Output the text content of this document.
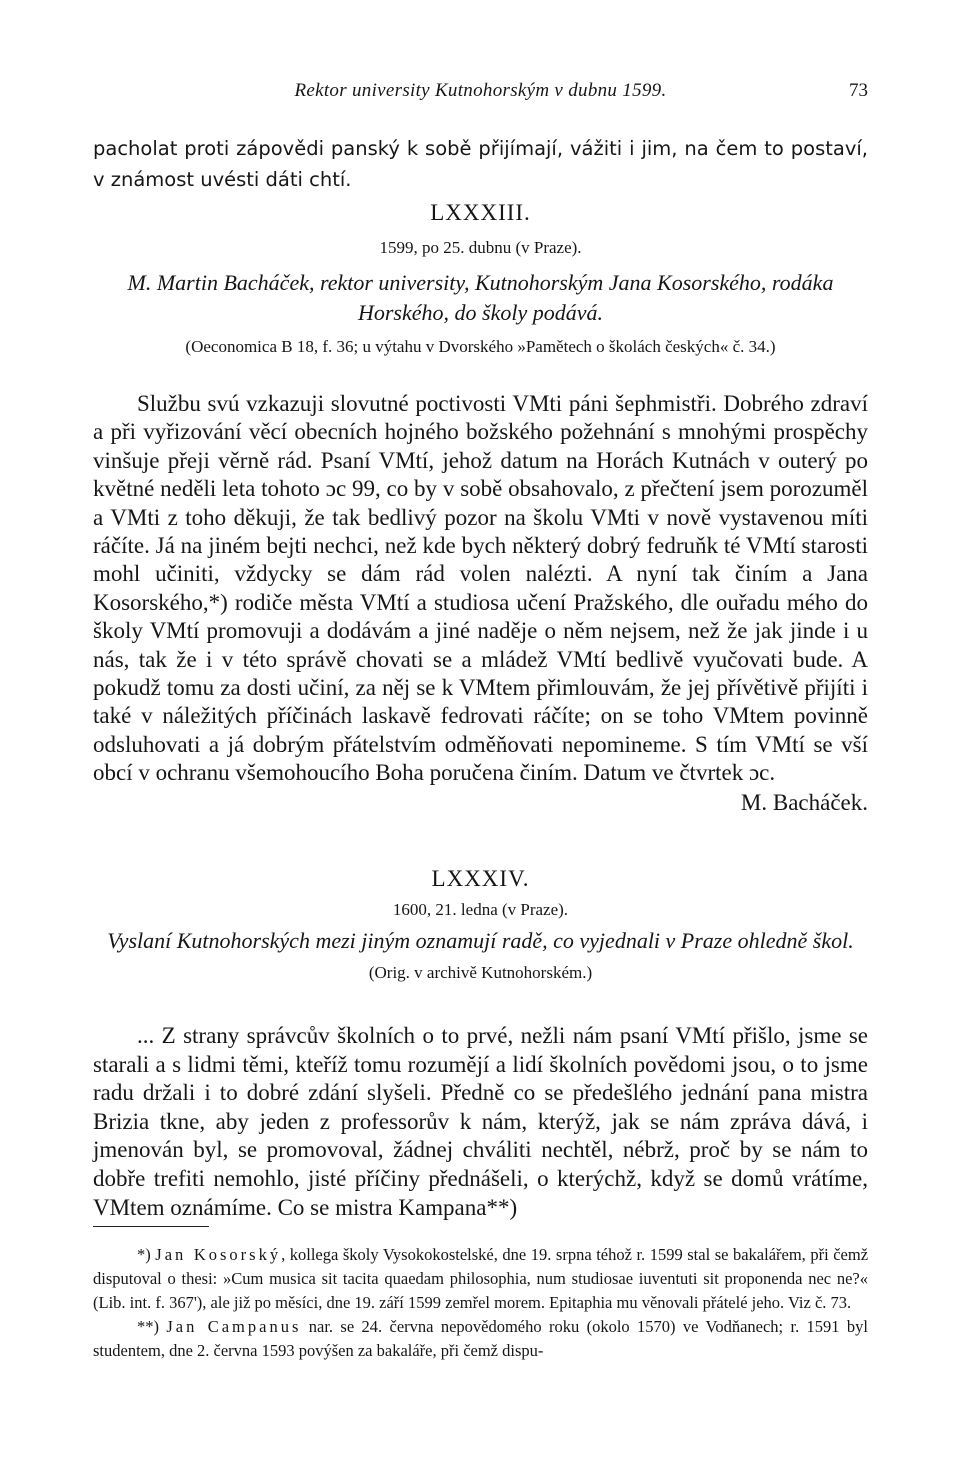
Rektor university Kutnohorským v dubnu 1599.	73

pacholat proti zápovědi panský k sobě přijímají, vážiti i jim, na čem to postaví, v známost uvésti dáti chtí.

LXXXIII.
1599, po 25. dubnu (v Praze).

M. Martin Bacháček, rektor university, Kutnohorským Jana Kosorského, rodáka Horského, do školy podává.

(Oeconomica B 18, f. 36; u výtahu v Dvorského »Pamětech o školách českých« č. 34.)

Službu svú vzkazuji slovutné poctivosti VMti páni šephmistři. Dobrého zdraví a při vyřizování věcí obecních hojného božského požehnání s mnohými prospěchy vinšuje přeji věrně rád. Psaní VMtí, jehož datum na Horách Kutnách v outerý po květné neděli leta tohoto ɔc 99, co by v sobě obsahovalo, z přečtení jsem porozuměl a VMti z toho děkuji, že tak bedlivý pozor na školu VMti v nově vystavenou míti ráčíte. Já na jiném bejti nechci, než kde bych některý dobrý fedruňk té VMtí starosti mohl učiniti, vždycky se dám rád volen nalézti. A nyní tak činím a Jana Kosorského,*) rodiče města VMtí a studiosa učení Pražského, dle ouřadu mého do školy VMtí promovuji a dodávám a jiné naděje o něm nejsem, než že jak jinde i u nás, tak že i v této správě chovati se a mládež VMtí bedlivě vyučovati bude. A pokudž tomu za dosti učiní, za něj se k VMtem přimlouvám, že jej přívětivě přijíti i také v náležitých příčinách laskavě fedrovati ráčíte; on se toho VMtem povinně odsluhovati a já dobrým přátelstvím odměňovati nepomineme. S tím VMtí se vší obcí v ochranu všemohoucího Boha poručena činím. Datum ve čtvrtek ɔc.

M. Bacháček.
LXXXIV.
1600, 21. ledna (v Praze).

Vyslaní Kutnohorských mezi jiným oznamují radě, co vyjednali v Praze ohledně škol.

(Orig. v archivě Kutnohorském.)

... Z strany správcův školních o to prvé, nežli nám psaní VMtí přišlo, jsme se starali a s lidmi těmi, kteříž tomu rozumějí a lidí školních povědomi jsou, o to jsme radu držali i to dobré zdání slyšeli. Předně co se předešlého jednání pana mistra Brizia tkne, aby jeden z professorův k nám, kterýž, jak se nám zpráva dává, i jmenován byl, se promovoval, žádnej chváliti nechtěl, nébrž, proč by se nám to dobře trefiti nemohlo, jisté příčiny přednášeli, o kterýchž, když se domů vrátíme, VMtem oznámíme. Co se mistra Kampana**)

*) Jan Kosorský, kollega školy Vysokokostelské, dne 19. srpna téhož r. 1599 stal se bakalářem, při čemž disputoval o thesi: »Cum musica sit tacita quaedam philosophia, num studiosae iuventuti sit proponenda nec ne?« (Lib. int. f. 367'), ale již po měsíci, dne 19. září 1599 zemřel morem. Epitaphia mu věnovali přátelé jeho. Viz č. 73.

**) Jan Campanus nar. se 24. června nepovědomého roku (okolo 1570) ve Vodňanech; r. 1591 byl studentem, dne 2. června 1593 povýšen za bakaláře, při čemž dispu-
